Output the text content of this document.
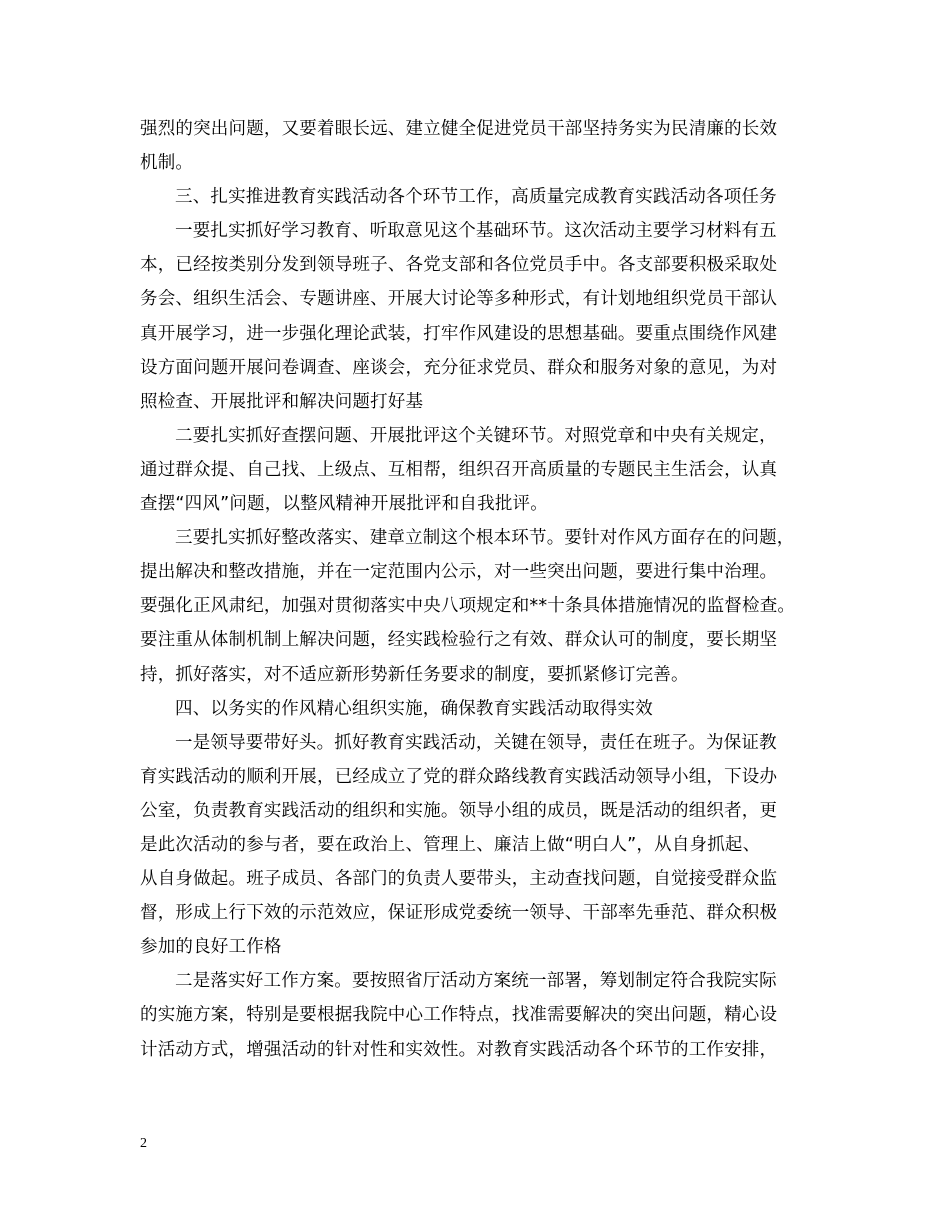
强烈的突出问题，又要着眼长远、建立健全促进党员干部坚持务实为民清廉的长效
机制。
三、扎实推进教育实践活动各个环节工作，高质量完成教育实践活动各项任务
一要扎实抓好学习教育、听取意见这个基础环节。这次活动主要学习材料有五
本，已经按类别分发到领导班子、各党支部和各位党员手中。各支部要积极采取处
务会、组织生活会、专题讲座、开展大讨论等多种形式，有计划地组织党员干部认
真开展学习，进一步强化理论武装，打牢作风建设的思想基础。要重点围绕作风建
设方面问题开展问卷调查、座谈会，充分征求党员、群众和服务对象的意见，为对
照检查、开展批评和解决问题打好基
二要扎实抓好查摆问题、开展批评这个关键环节。对照党章和中央有关规定，
通过群众提、自己找、上级点、互相帮，组织召开高质量的专题民主生活会，认真
查摆“四风”问题，以整风精神开展批评和自我批评。
三要扎实抓好整改落实、建章立制这个根本环节。要针对作风方面存在的问题，
提出解决和整改措施，并在一定范围内公示，对一些突出问题，要进行集中治理。
要强化正风肃纪，加强对贯彻落实中央八项规定和**十条具体措施情况的监督检查。
要注重从体制机制上解决问题，经实践检验行之有效、群众认可的制度，要长期坚
持，抓好落实，对不适应新形势新任务要求的制度，要抓紧修订完善。
四、以务实的作风精心组织实施，确保教育实践活动取得实效
一是领导要带好头。抓好教育实践活动，关键在领导，责任在班子。为保证教
育实践活动的顺利开展，已经成立了党的群众路线教育实践活动领导小组，下设办
公室，负责教育实践活动的组织和实施。领导小组的成员，既是活动的组织者，更
是此次活动的参与者，要在政治上、管理上、廉洁上做“明白人”，从自身抓起、
从自身做起。班子成员、各部门的负责人要带头，主动查找问题，自觉接受群众监
督，形成上行下效的示范效应，保证形成党委统一领导、干部率先垂范、群众积极
参加的良好工作格
二是落实好工作方案。要按照省厅活动方案统一部署，筹划制定符合我院实际
的实施方案，特别是要根据我院中心工作特点，找准需要解决的突出问题，精心设
计活动方式，增强活动的针对性和实效性。对教育实践活动各个环节的工作安排，
2
